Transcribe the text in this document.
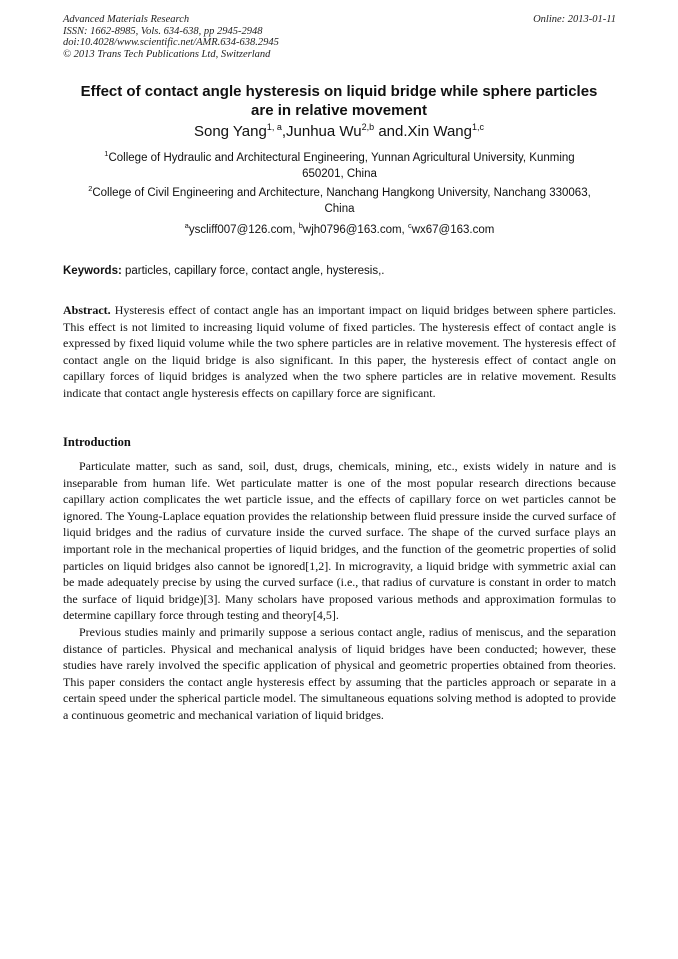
Advanced Materials Research
ISSN: 1662-8985, Vols. 634-638, pp 2945-2948
doi:10.4028/www.scientific.net/AMR.634-638.2945
© 2013 Trans Tech Publications Ltd, Switzerland
Online: 2013-01-11
Effect of contact angle hysteresis on liquid bridge while sphere particles
are in relative movement
Song Yang$^{1, a}$,Junhua Wu$^{2,b}$ and.Xin Wang$^{1,c}$
$^1$College of Hydraulic and Architectural Engineering, Yunnan Agricultural University, Kunming
650201, China
$^2$College of Civil Engineering and Architecture, Nanchang Hangkong University, Nanchang 330063,
China
$^a$yscliff007@126.com, $^b$wjh0796@163.com, $^c$wx67@163.com
Keywords: particles, capillary force, contact angle, hysteresis,.
Abstract. Hysteresis effect of contact angle has an important impact on liquid bridges between sphere particles. This effect is not limited to increasing liquid volume of fixed particles. The hysteresis effect of contact angle is expressed by fixed liquid volume while the two sphere particles are in relative movement. The hysteresis effect of contact angle on the liquid bridge is also significant. In this paper, the hysteresis effect of contact angle on capillary forces of liquid bridges is analyzed when the two sphere particles are in relative movement. Results indicate that contact angle hysteresis effects on capillary force are significant.
Introduction

Particulate matter, such as sand, soil, dust, drugs, chemicals, mining, etc., exists widely in nature and is inseparable from human life. Wet particulate matter is one of the most popular research directions because capillary action complicates the wet particle issue, and the effects of capillary force on wet particles cannot be ignored. The Young-Laplace equation provides the relationship between fluid pressure inside the curved surface of liquid bridges and the radius of curvature inside the curved surface. The shape of the curved surface plays an important role in the mechanical properties of liquid bridges, and the function of the geometric properties of solid particles on liquid bridges also cannot be ignored[1,2]. In microgravity, a liquid bridge with symmetric axial can be made adequately precise by using the curved surface (i.e., that radius of curvature is constant in order to match the surface of liquid bridge)[3]. Many scholars have proposed various methods and approximation formulas to determine capillary force through testing and theory[4,5].

Previous studies mainly and primarily suppose a serious contact angle, radius of meniscus, and the separation distance of particles. Physical and mechanical analysis of liquid bridges have been conducted; however, these studies have rarely involved the specific application of physical and geometric properties obtained from theories. This paper considers the contact angle hysteresis effect by assuming that the particles approach or separate in a certain speed under the spherical particle model. The simultaneous equations solving method is adopted to provide a continuous geometric and mechanical variation of liquid bridges.
